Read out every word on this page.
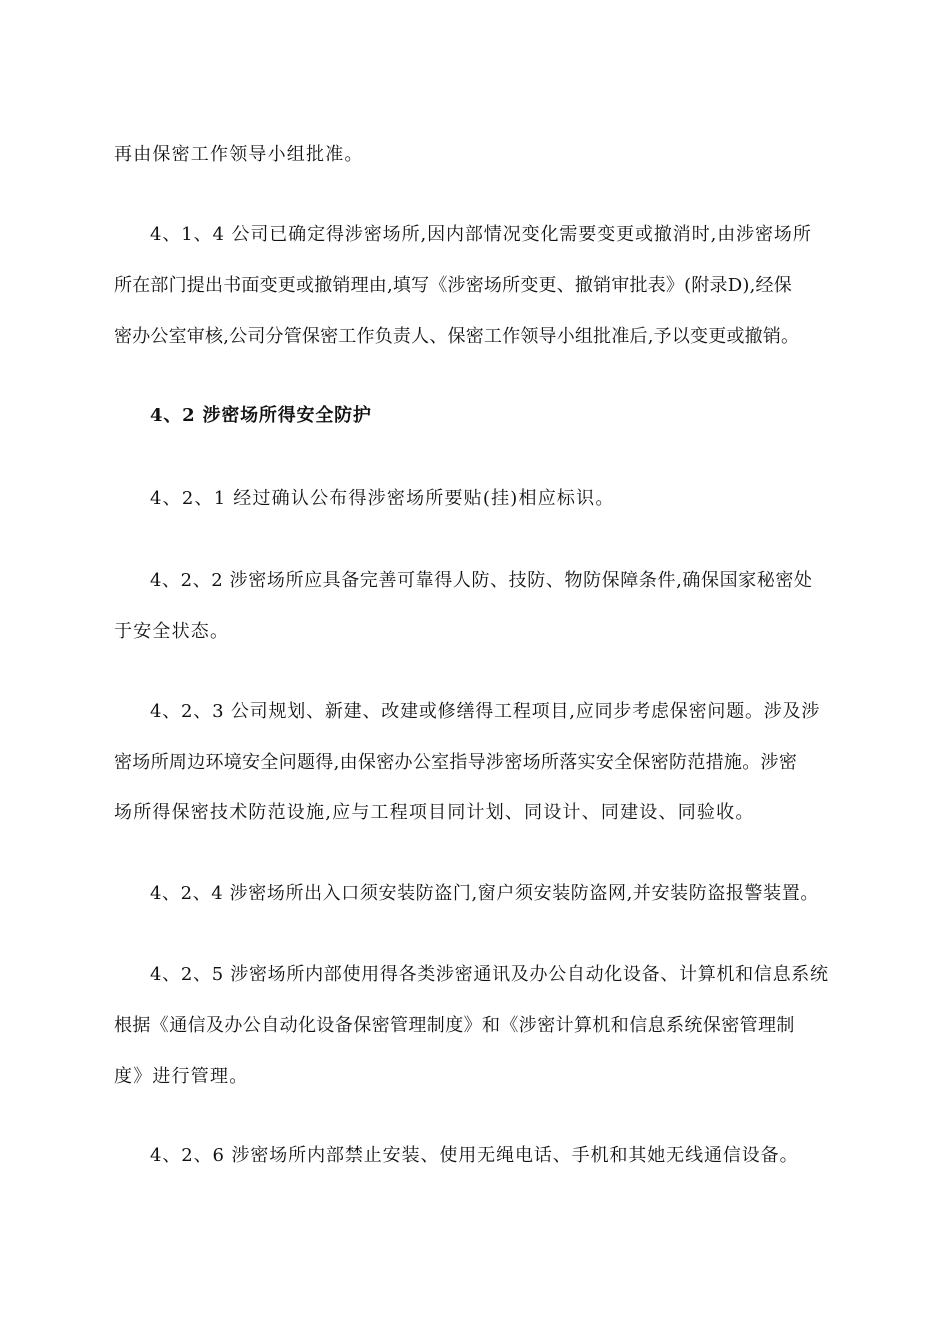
再由保密工作领导小组批准。
4、1、4 公司已确定得涉密场所,因内部情况变化需要变更或撤消时,由涉密场所
所在部门提出书面变更或撤销理由,填写《涉密场所变更、撤销审批表》(附录D),经保
密办公室审核,公司分管保密工作负责人、保密工作领导小组批准后,予以变更或撤销。
4、2 涉密场所得安全防护
4、2、1 经过确认公布得涉密场所要贴(挂)相应标识。
4、2、2 涉密场所应具备完善可靠得人防、技防、物防保障条件,确保国家秘密处
于安全状态。
4、2、3 公司规划、新建、改建或修缮得工程项目,应同步考虑保密问题。涉及涉
密场所周边环境安全问题得,由保密办公室指导涉密场所落实安全保密防范措施。涉密
场所得保密技术防范设施,应与工程项目同计划、同设计、同建设、同验收。
4、2、4 涉密场所出入口须安装防盗门,窗户须安装防盗网,并安装防盗报警装置。
4、2、5 涉密场所内部使用得各类涉密通讯及办公自动化设备、计算机和信息系统
根据《通信及办公自动化设备保密管理制度》和《涉密计算机和信息系统保密管理制
度》进行管理。
4、2、6 涉密场所内部禁止安装、使用无绳电话、手机和其她无线通信设备。
